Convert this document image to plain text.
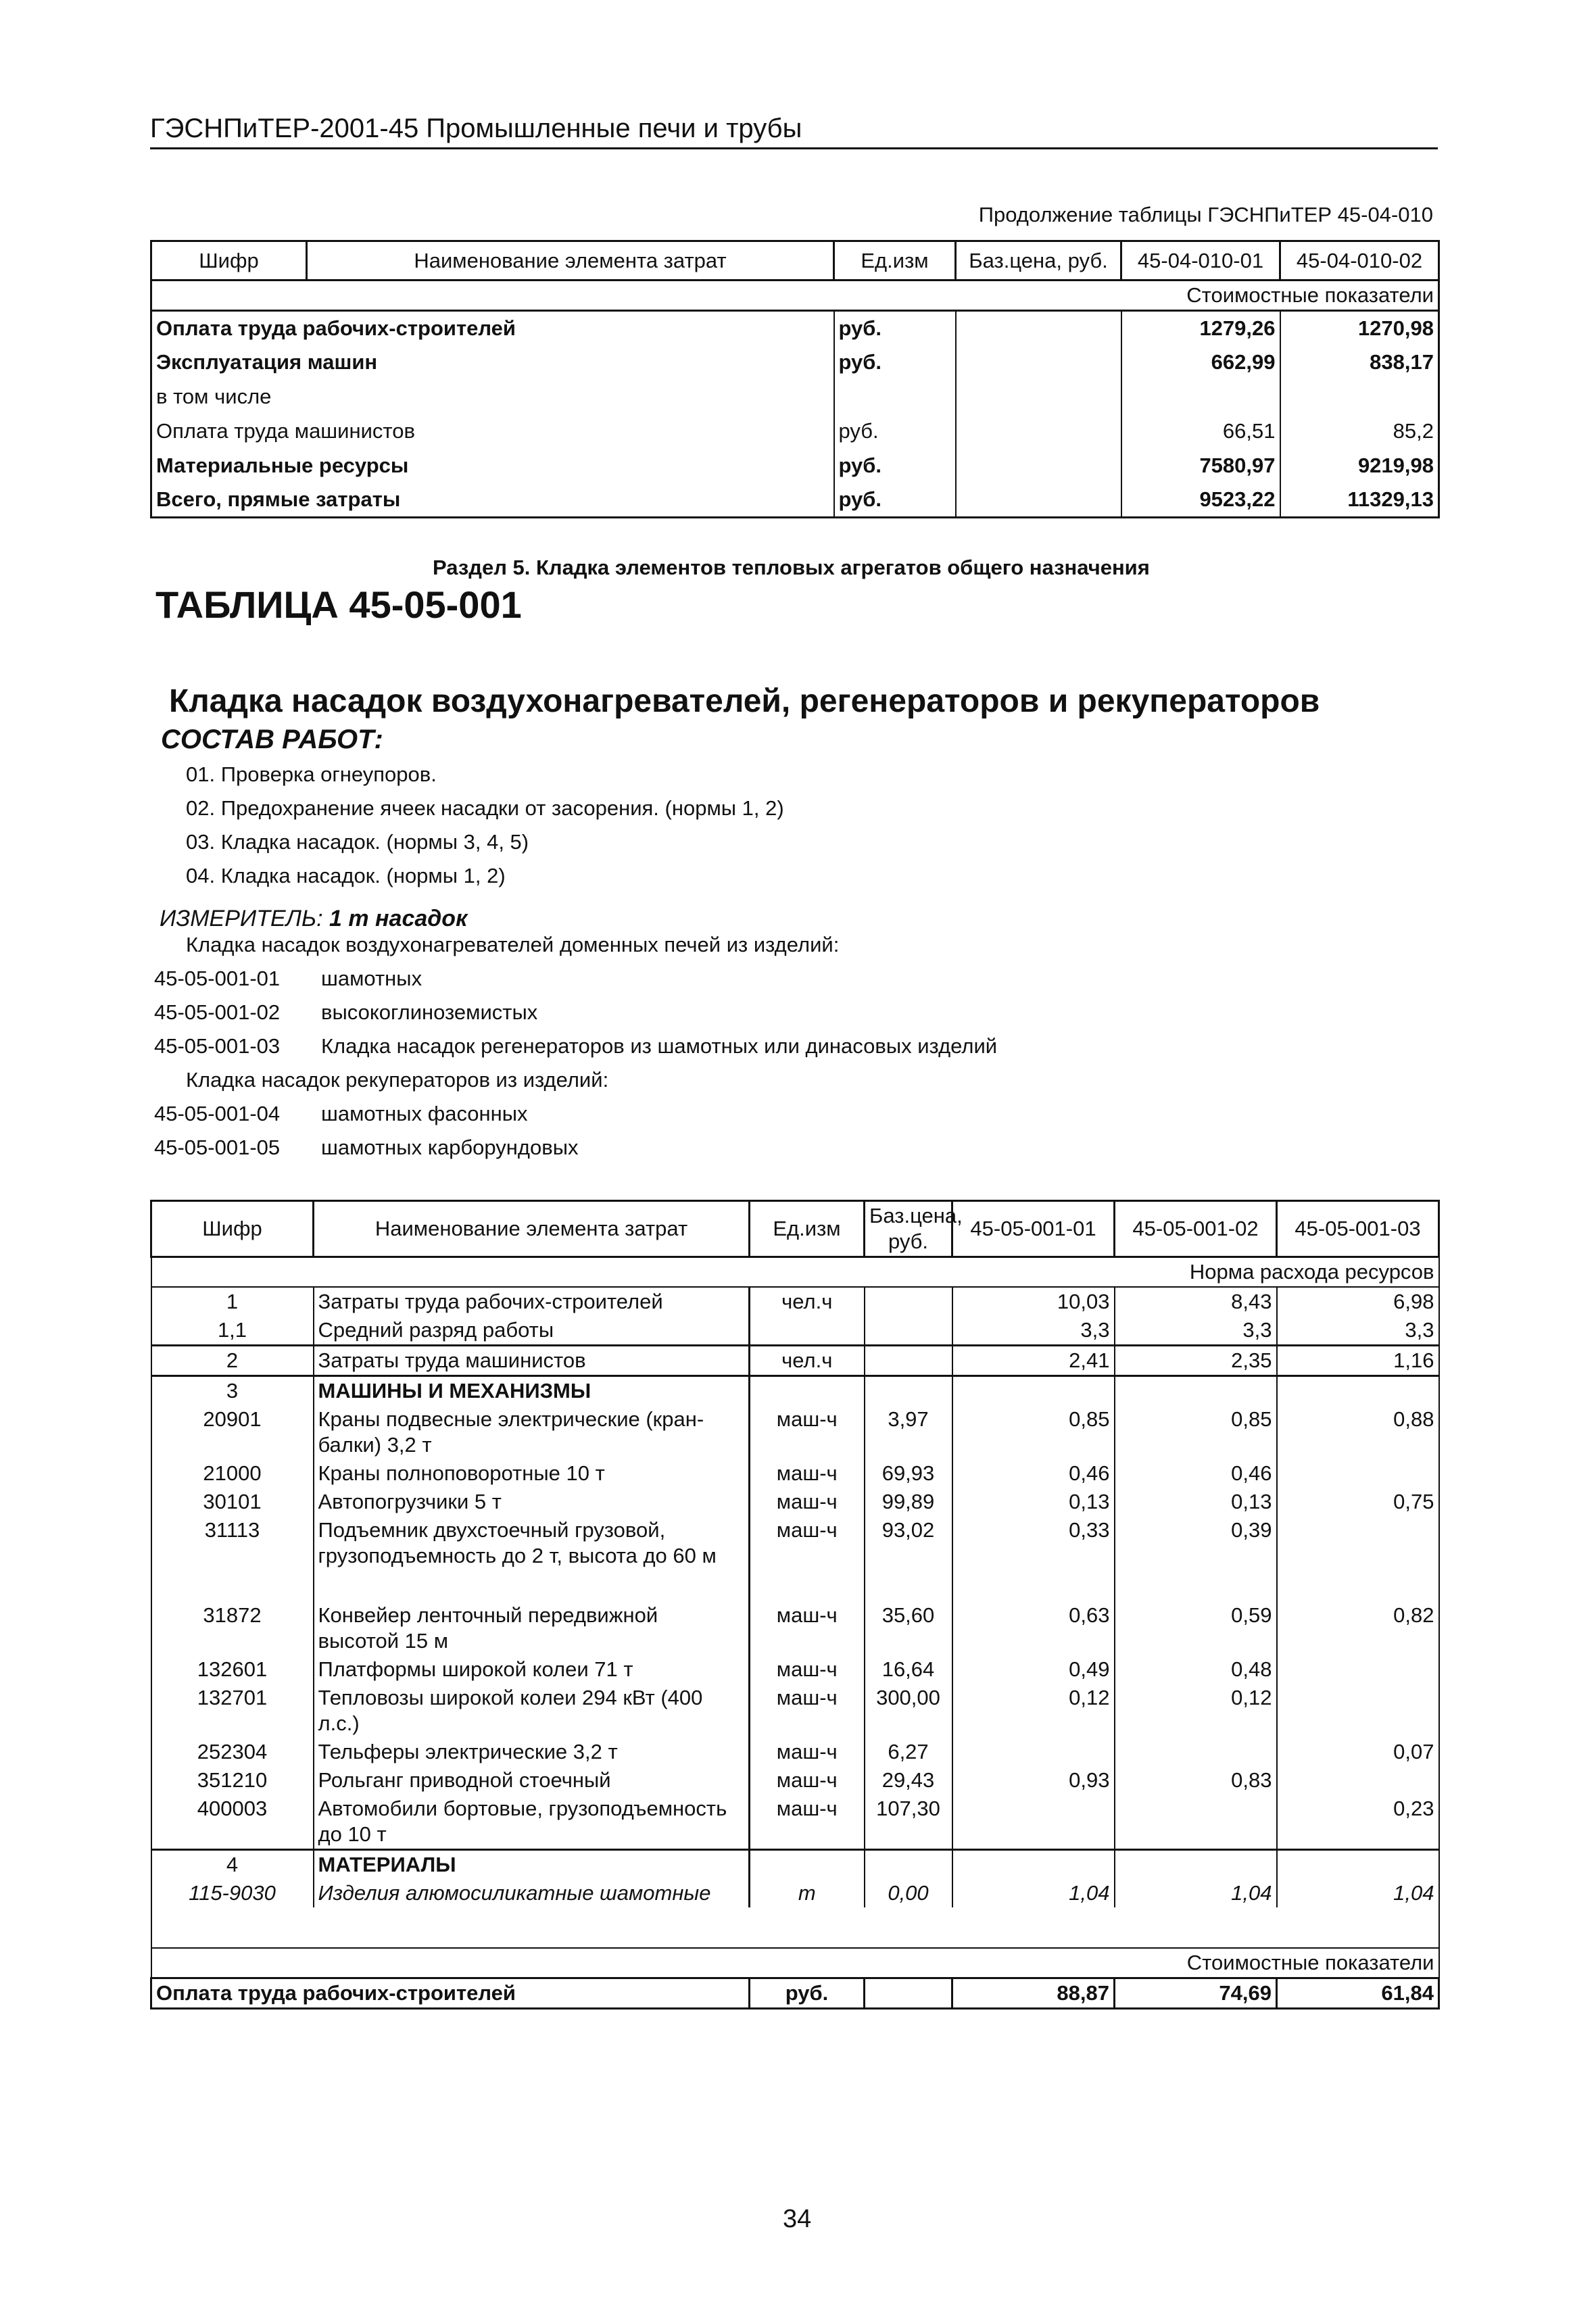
ГЭСНПиТЕР-2001-45 Промышленные печи и трубы
Продолжение таблицы ГЭСНПиТЕР 45-04-010
Шифр	Наименование элемента затрат	Ед.изм	Баз.цена, руб.	45-04-010-01	45-04-010-02
Стоимостные показатели					
Оплата труда рабочих-строителей		руб.		1279,26	1270,98
Эксплуатация машин		руб.		662,99	838,17
в том числе					
Оплата труда машинистов		руб.		66,51	85,2
Материальные ресурсы		руб.		7580,97	9219,98
Всего, прямые затраты		руб.		9523,22	11329,13
Раздел 5. Кладка элементов тепловых агрегатов общего назначения
ТАБЛИЦА 45-05-001
Кладка насадок воздухонагревателей, регенераторов и рекуператоров
СОСТАВ РАБОТ:
01. Проверка огнеупоров.
02. Предохранение ячеек насадки от засорения. (нормы 1, 2)
03. Кладка насадок. (нормы 3, 4, 5)
04. Кладка насадок. (нормы 1, 2)
ИЗМЕРИТЕЛЬ: 1 т насадок
Кладка насадок воздухонагревателей доменных печей из изделий:
45-05-001-01 шамотных
45-05-001-02 высокоглиноземистых
45-05-001-03 Кладка насадок регенераторов из шамотных или динасовых изделий
Кладка насадок рекуператоров из изделий:
45-05-001-04 шамотных фасонных
45-05-001-05 шамотных карборундовых
Шифр	Наименование элемента затрат	Ед.изм	Баз.цена, руб.	45-05-001-01	45-05-001-02	45-05-001-03
Норма расхода ресурсов						
1	Затраты труда рабочих-строителей	чел.ч		10,03	8,43	6,98
1,1	Средний разряд работы			3,3	3,3	3,3
2	Затраты труда машинистов	чел.ч		2,41	2,35	1,16
3	МАШИНЫ И МЕХАНИЗМЫ					
20901	Краны подвесные электрические (кран-балки) 3,2 т	маш-ч	3,97	0,85	0,85	0,88
21000	Краны полноповоротные 10 т	маш-ч	69,93	0,46	0,46	
30101	Автопогрузчики 5 т	маш-ч	99,89	0,13	0,13	0,75
31113	Подъемник двухстоечный грузовой, грузоподъемность до 2 т, высота до 60 м	маш-ч	93,02	0,33	0,39	
31872	Конвейер ленточный передвижной высотой 15 м	маш-ч	35,60	0,63	0,59	0,82
132601	Платформы широкой колеи 71 т	маш-ч	16,64	0,49	0,48	
132701	Тепловозы широкой колеи 294 кВт (400 л.с.)	маш-ч	300,00	0,12	0,12	
252304	Тельферы электрические 3,2 т	маш-ч	6,27			0,07
351210	Рольганг приводной стоечный	маш-ч	29,43	0,93	0,83	
400003	Автомобили бортовые, грузоподъемность до 10 т	маш-ч	107,30			0,23
4	МАТЕРИАЛЫ					
115-9030	Изделия алюмосиликатные шамотные	т	0,00	1,04	1,04	1,04

Стоимостные показатели						
Оплата труда рабочих-строителей		руб.		88,87	74,69	61,84
34
